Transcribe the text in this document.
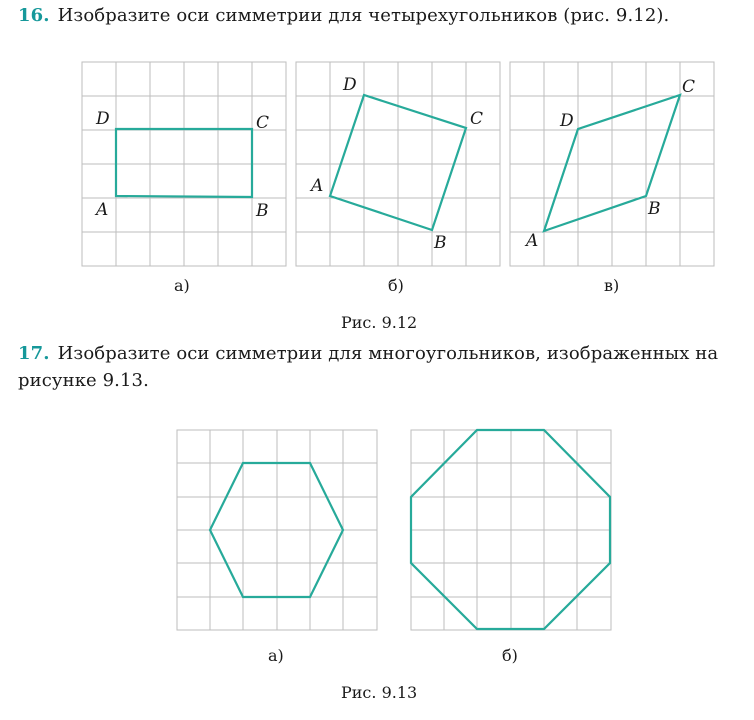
16. Изобразите оси симметрии для четырехугольников (рис. 9.12).
D	C
A	B
D
C
A
B
D
C
A
B
а)	б)	в)
Рис. 9.12
17. Изобразите оси симметрии для многоугольников, изображенных на рисунке 9.13.
а)	б)
Рис. 9.13
